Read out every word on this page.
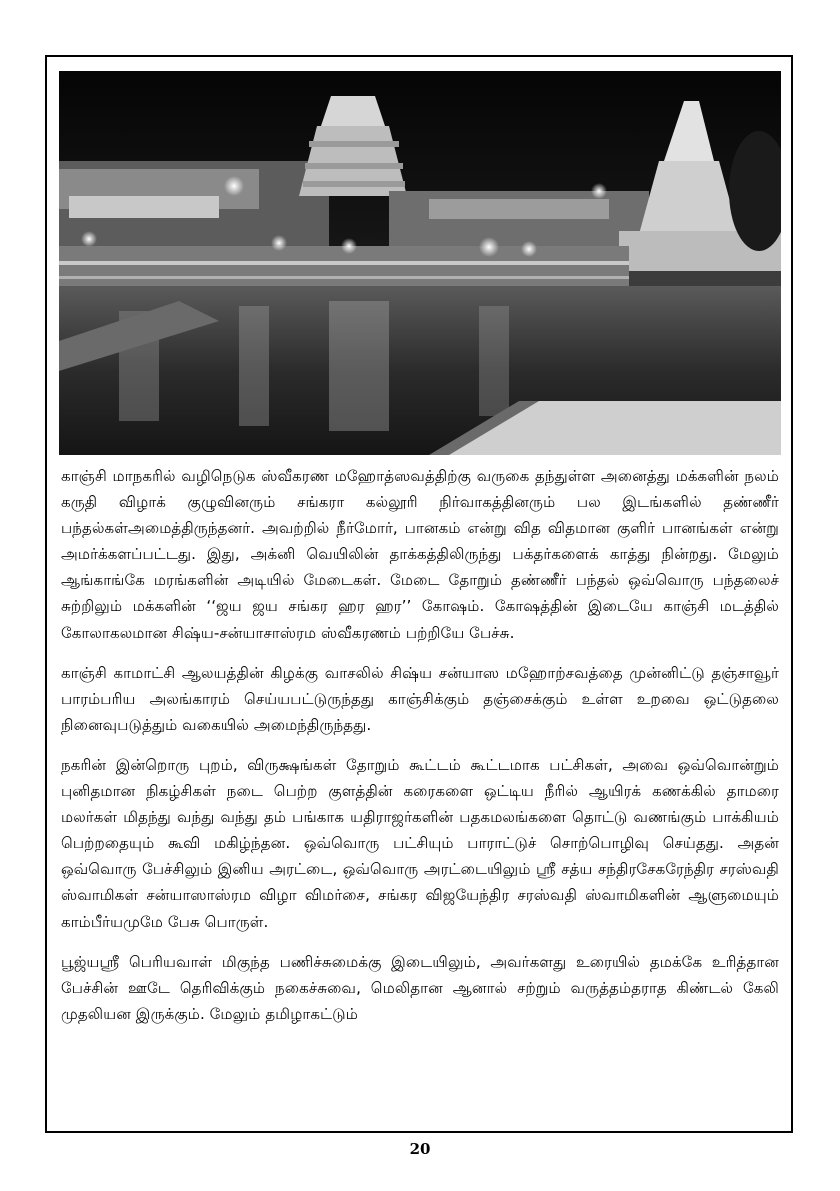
காஞ்சி மாநகரில் வழிநெடுக ஸ்வீகரண மஹோத்ஸவத்திற்கு வருகை தந்துள்ள அனைத்து மக்களின் நலம் கருதி விழாக் குழுவினரும் சங்கரா கல்லூரி நிர்வாகத்தினரும் பல இடங்களில் தண்ணீர் பந்தல்கள்அமைத்திருந்தனர். அவற்றில் நீர்மோர், பானகம் என்று வித விதமான குளிர் பானங்கள் என்று அமர்க்களப்பட்டது. இது, அக்னி வெயிலின் தாக்கத்திலிருந்து பக்தர்களைக் காத்து நின்றது. மேலும் ஆங்காங்கே மரங்களின் அடியில் மேடைகள். மேடை தோறும் தண்ணீர் பந்தல் ஒவ்வொரு பந்தலைச் சுற்றிலும் மக்களின் ‘‘ஜய ஜய சங்கர ஹர ஹர’’ கோஷம். கோஷத்தின் இடையே காஞ்சி மடத்தில் கோலாகலமான சிஷ்ய-சன்யாசாஸ்ரம ஸ்வீகரணம் பற்றியே பேச்சு.

காஞ்சி காமாட்சி ஆலயத்தின் கிழக்கு வாசலில் சிஷ்ய சன்யாஸ மஹோற்சவத்தை முன்னிட்டு தஞ்சாவூர் பாரம்பரிய அலங்காரம் செய்யபட்டுருந்தது காஞ்சிக்கும் தஞ்சைக்கும் உள்ள உறவை ஒட்டுதலை நினைவுபடுத்தும் வகையில் அமைந்திருந்தது.

நகரின் இன்றொரு புறம், விருக்ஷங்கள் தோறும் கூட்டம் கூட்டமாக பட்சிகள், அவை ஒவ்வொன்றும் புனிதமான நிகழ்சிகள் நடை பெற்ற குளத்தின் கரைகளை ஒட்டிய நீரில் ஆயிரக் கணக்கில் தாமரை மலர்கள் மிதந்து வந்து வந்து தம் பங்காக யதிராஜர்களின் பதகமலங்களை தொட்டு வணங்கும் பாக்கியம் பெற்றதையும் கூவி மகிழ்ந்தன. ஒவ்வொரு பட்சியும் பாராட்டுச் சொற்பொழிவு செய்தது. அதன் ஒவ்வொரு பேச்சிலும் இனிய அரட்டை, ஒவ்வொரு அரட்டையிலும் ஶ்ரீ சத்ய சந்திரசேகரேந்திர சரஸ்வதி ஸ்வாமிகள் சன்யாஸாஸ்ரம விழா விமர்சை, சங்கர விஜயேந்திர சரஸ்வதி ஸ்வாமிகளின் ஆளுமையும் காம்பீர்யமுமே பேசு பொருள்.

பூஜ்யஶ்ரீ பெரியவாள் மிகுந்த பணிச்சுமைக்கு இடையிலும், அவர்களது உரையில் தமக்கே உரித்தான பேச்சின் ஊடே தெரிவிக்கும் நகைச்சுவை, மெலிதான ஆனால் சற்றும் வருத்தம்தராத கிண்டல் கேலி முதலியன இருக்கும். மேலும் தமிழாகட்டும்

20
